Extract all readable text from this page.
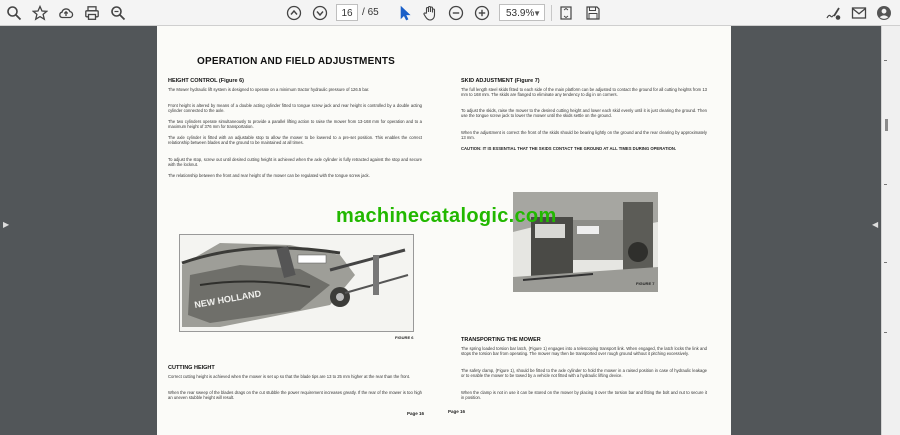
16 / 65	53.9%
▼
▶	◀
OPERATION AND FIELD ADJUSTMENTS
HEIGHT CONTROL (Figure 6)
The Mower hydraulic lift system is designed to operate on a minimum tractor hydraulic pressure of 126.5 bar.
Front height is altered by means of a double acting cylinder fitted to tongue screw jack and rear height is controlled by a double acting cylinder connected to the axle.
The two cylinders operate simultaneously to provide a parallel lifting action to raise the mower from 13-168 mm for operation and to a maximum height of 376 mm for transportation.
The axle cylinder is fitted with an adjustable stop to allow the mower to be lowered to a pre-set position. This enables the correct relationship between blades and the ground to be maintained at all times.
To adjust the stop, screw out until desired cutting height is achieved when the axle cylinder is fully retracted against the stop and secure with the locknut.
The relationship between the front and rear height of the mower can be regulated with the tongue screw jack.
NEW HOLLAND
FIGURE 6
CUTTING HEIGHT
Correct cutting height is achieved when the mower is set up so that the blade tips are 13 to 25 mm higher at the rear than the front.
When the rear sweep of the blades drags on the cut stubble the power requirement increases greatly. If the rear of the mower is too high an uneven stubble height will result.
Page 16
SKID ADJUSTMENT (Figure 7)
The full length steel skids fitted to each side of the main platform can be adjusted to contact the ground for all cutting heights from 13 mm to 168 mm. The skids are flanged to eliminate any tendency to dig in on corners.
To adjust the skids, raise the mower to the desired cutting height and lower each skid evenly until it is just clearing the ground. Then use the tongue screw jack to lower the mower until the skids settle on the ground.
When the adjustment is correct the front of the skids should be bearing lightly on the ground and the rear clearing by approximately 13 mm.
CAUTION: IT IS ESSENTIAL THAT THE SKIDS CONTACT THE GROUND AT ALL TIMES DURING OPERATION.
FIGURE 7
TRANSPORTING THE MOWER
The spring loaded torsion bar latch, (Figure 1) engages into a telescoping transport link. When engaged, the latch locks the link and stops the torsion bar from operating. The mower may then be transported over rough ground without it pitching excessively.
The safety clamp, (Figure 1), should be fitted to the axle cylinder to hold the mower in a raised position in case of hydraulic leakage or to enable the mower to be towed by a vehicle not fitted with a hydraulic lifting device.
When the clamp is not in use it can be stored on the mower by placing it over the torsion bar and fitting the bolt and nut to secure it in position.
Page 16
machinecatalogic.com
